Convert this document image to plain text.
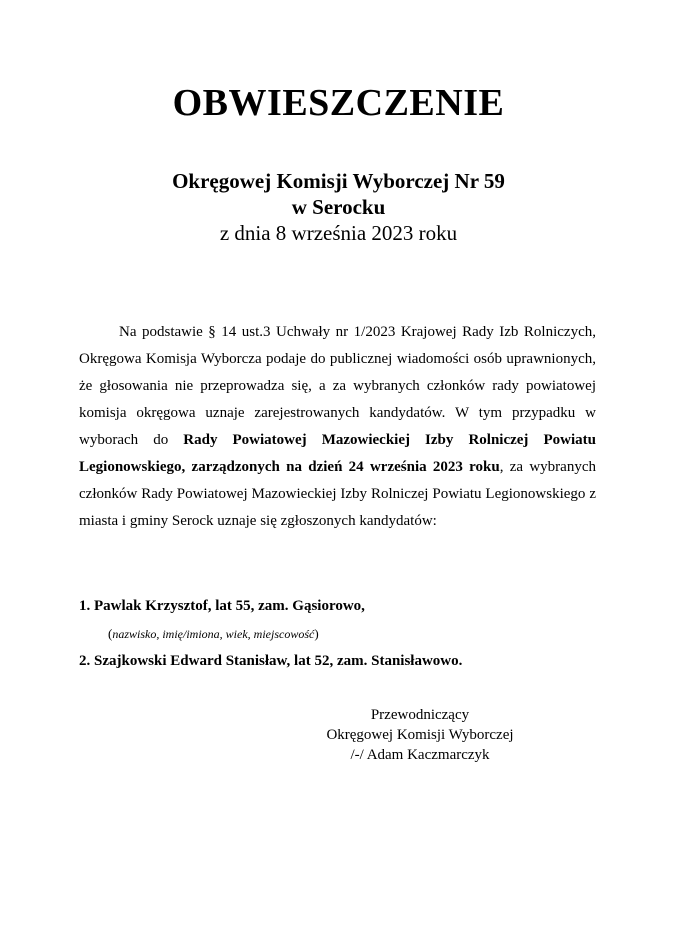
OBWIESZCZENIE
Okręgowej Komisji Wyborczej Nr 59
w Serocku
z dnia 8 września 2023 roku
Na podstawie § 14 ust.3 Uchwały nr 1/2023 Krajowej Rady Izb Rolniczych, Okręgowa Komisja Wyborcza podaje do publicznej wiadomości osób uprawnionych, że głosowania nie przeprowadza się, a za wybranych członków rady powiatowej komisja okręgowa uznaje zarejestrowanych kandydatów. W tym przypadku w wyborach do Rady Powiatowej Mazowieckiej Izby Rolniczej Powiatu Legionowskiego, zarządzonych na dzień 24 września 2023 roku, za wybranych członków Rady Powiatowej Mazowieckiej Izby Rolniczej Powiatu Legionowskiego z miasta i gminy Serock uznaje się zgłoszonych kandydatów:
1. Pawlak Krzysztof, lat 55, zam. Gąsiorowo,
(nazwisko, imię/imiona, wiek, miejscowość)
2. Szajkowski Edward Stanisław, lat 52, zam. Stanisławowo.
Przewodniczący
Okręgowej Komisji Wyborczej
/-/ Adam Kaczmarczyk
